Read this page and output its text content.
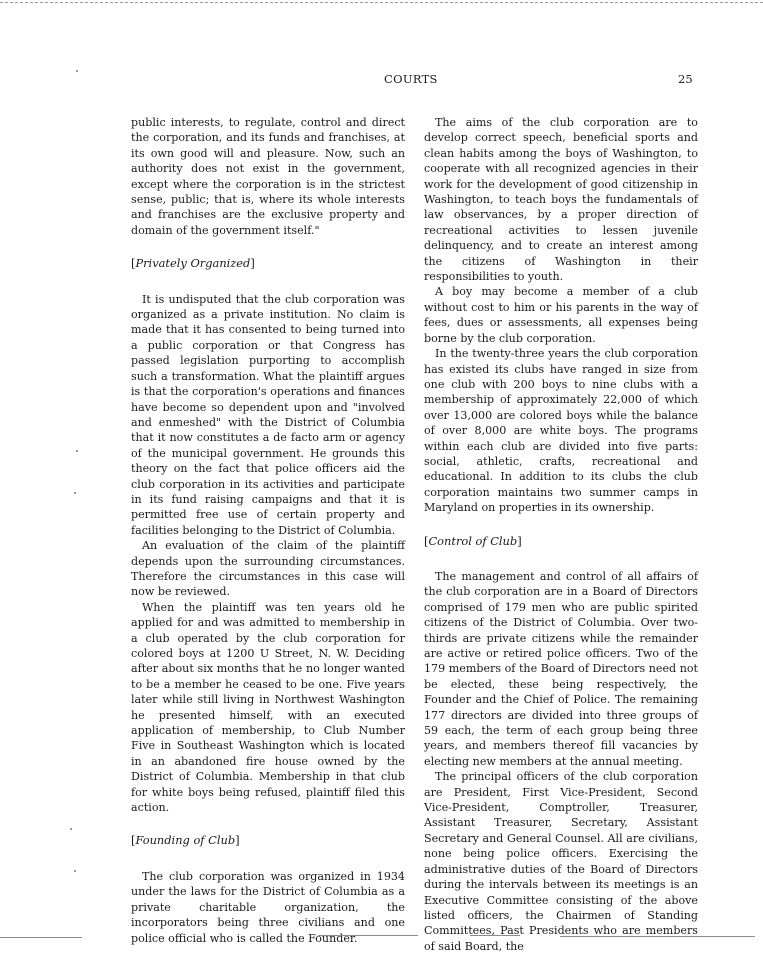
COURTS	25

public interests, to regulate, control and direct the corporation, and its funds and franchises, at its own good will and pleasure. Now, such an authority does not exist in the government, except where the corporation is in the strictest sense, public; that is, where its whole interests and franchises are the exclusive property and domain of the government itself."

[Privately Organized]

It is undisputed that the club corporation was organized as a private institution. No claim is made that it has consented to being turned into a public corporation or that Congress has passed legislation purporting to accomplish such a transformation. What the plaintiff argues is that the corporation's operations and finances have become so dependent upon and "involved and enmeshed" with the District of Columbia that it now constitutes a de facto arm or agency of the municipal government. He grounds this theory on the fact that police officers aid the club corporation in its activities and participate in its fund raising campaigns and that it is permitted free use of certain property and facilities belonging to the District of Columbia.

An evaluation of the claim of the plaintiff depends upon the surrounding circumstances. Therefore the circumstances in this case will now be reviewed.

When the plaintiff was ten years old he applied for and was admitted to membership in a club operated by the club corporation for colored boys at 1200 U Street, N. W. Deciding after about six months that he no longer wanted to be a member he ceased to be one. Five years later while still living in Northwest Washington he presented himself, with an executed application of membership, to Club Number Five in Southeast Washington which is located in an abandoned fire house owned by the District of Columbia. Membership in that club for white boys being refused, plaintiff filed this action.

[Founding of Club]

The club corporation was organized in 1934 under the laws for the District of Columbia as a private charitable organization, the incorporators being three civilians and one police official who is called the Founder.

The aims of the club corporation are to develop correct speech, beneficial sports and clean habits among the boys of Washington, to cooperate with all recognized agencies in their work for the development of good citizenship in Washington, to teach boys the fundamentals of law observances, by a proper direction of recreational activities to lessen juvenile delinquency, and to create an interest among the citizens of Washington in their responsibilities to youth.

A boy may become a member of a club without cost to him or his parents in the way of fees, dues or assessments, all expenses being borne by the club corporation.

In the twenty-three years the club corporation has existed its clubs have ranged in size from one club with 200 boys to nine clubs with a membership of approximately 22,000 of which over 13,000 are colored boys while the balance of over 8,000 are white boys. The programs within each club are divided into five parts: social, athletic, crafts, recreational and educational. In addition to its clubs the club corporation maintains two summer camps in Maryland on properties in its ownership.

[Control of Club]

The management and control of all affairs of the club corporation are in a Board of Directors comprised of 179 men who are public spirited citizens of the District of Columbia. Over two-thirds are private citizens while the remainder are active or retired police officers. Two of the 179 members of the Board of Directors need not be elected, these being respectively, the Founder and the Chief of Police. The remaining 177 directors are divided into three groups of 59 each, the term of each group being three years, and members thereof fill vacancies by electing new members at the annual meeting.

The principal officers of the club corporation are President, First Vice-President, Second Vice-President, Comptroller, Treasurer, Assistant Treasurer, Secretary, Assistant Secretary and General Counsel. All are civilians, none being police officers. Exercising the administrative duties of the Board of Directors during the intervals between its meetings is an Executive Committee consisting of the above listed officers, the Chairmen of Standing Committees, Past Presidents who are members of said Board, the
